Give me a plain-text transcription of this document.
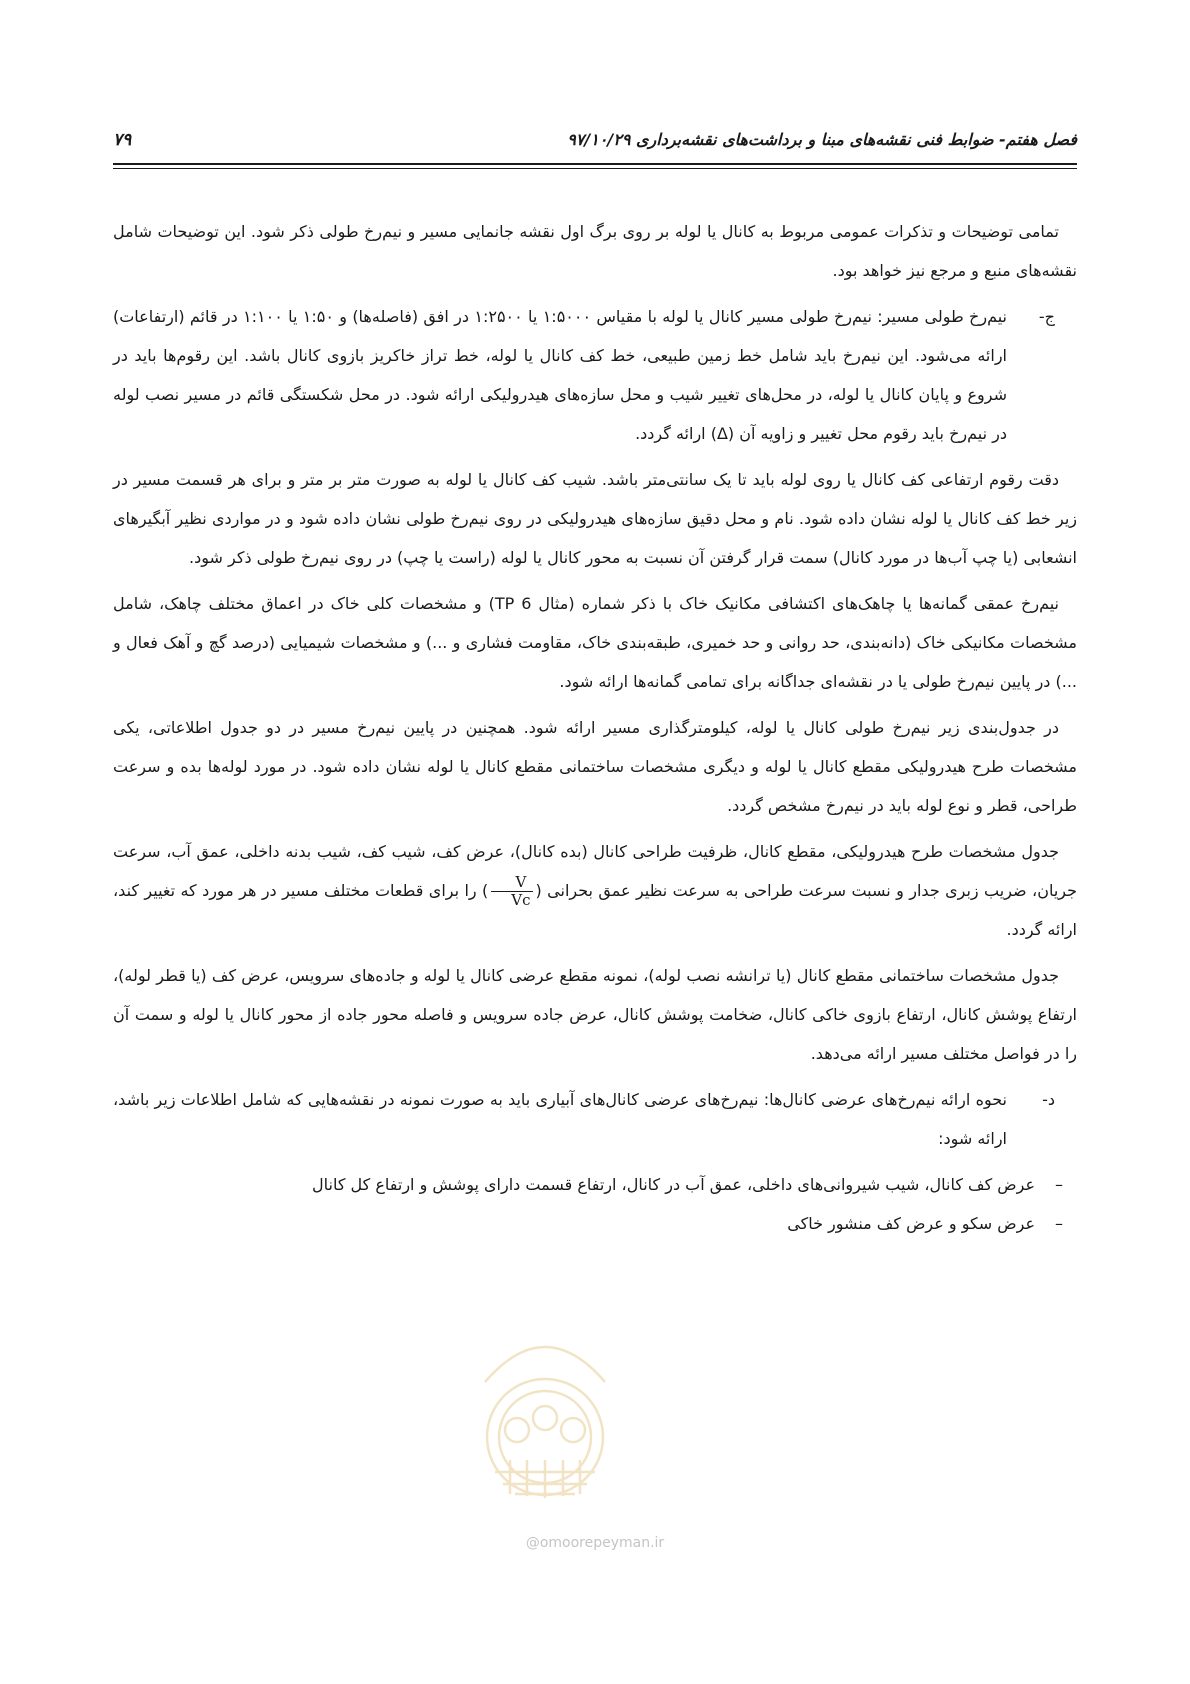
فصل هفتم- ضوابط فنی نقشه‌های مبنا و برداشت‌های نقشه‌برداری ۹۷/۱۰/۲۹
۷۹

تمامی توضیحات و تذکرات عمومی مربوط به کانال یا لوله بر روی برگ اول نقشه جانمایی مسیر و نیم‌رخ طولی ذکر شود. این توضیحات شامل نقشه‌های منبع و مرجع نیز خواهد بود.

ج-
نیم‌رخ طولی مسیر: نیم‌رخ طولی مسیر کانال یا لوله با مقیاس ۱:۵۰۰۰ یا ۱:۲۵۰۰ در افق (فاصله‌ها) و ۱:۵۰ یا ۱:۱۰۰ در قائم (ارتفاعات) ارائه می‌شود. این نیم‌رخ باید شامل خط زمین طبیعی، خط کف کانال یا لوله، خط تراز خاکریز بازوی کانال باشد. این رقوم‌ها باید در شروع و پایان کانال یا لوله، در محل‌های تغییر شیب و محل سازه‌های هیدرولیکی ارائه شود. در محل شکستگی قائم در مسیر نصب لوله در نیم‌رخ باید رقوم محل تغییر و زاویه آن (Δ) ارائه گردد.

دقت رقوم ارتفاعی کف کانال یا روی لوله باید تا یک سانتی‌متر باشد. شیب کف کانال یا لوله به صورت متر بر متر و برای هر قسمت مسیر در زیر خط کف کانال یا لوله نشان داده شود. نام و محل دقیق سازه‌های هیدرولیکی در روی نیم‌رخ طولی نشان داده شود و در مواردی نظیر آبگیرهای انشعابی (یا چپ آب‌ها در مورد کانال) سمت قرار گرفتن آن نسبت به محور کانال یا لوله (راست یا چپ) در روی نیم‌رخ طولی ذکر شود.

نیم‌رخ عمقی گمانه‌ها یا چاهک‌های اکتشافی مکانیک خاک با ذکر شماره (مثال TP 6) و مشخصات کلی خاک در اعماق مختلف چاهک، شامل مشخصات مکانیکی خاک (دانه‌بندی، حد روانی و حد خمیری، طبقه‌بندی خاک، مقاومت فشاری و ...) و مشخصات شیمیایی (درصد گچ و آهک فعال و ...) در پایین نیم‌رخ طولی یا در نقشه‌ای جداگانه برای تمامی گمانه‌ها ارائه شود.

در جدول‌بندی زیر نیم‌رخ طولی کانال یا لوله، کیلومترگذاری مسیر ارائه شود. همچنین در پایین نیم‌رخ مسیر در دو جدول اطلاعاتی، یکی مشخصات طرح هیدرولیکی مقطع کانال یا لوله و دیگری مشخصات ساختمانی مقطع کانال یا لوله نشان داده شود. در مورد لوله‌ها بده و سرعت طراحی، قطر و نوع لوله باید در نیم‌رخ مشخص گردد.

جدول مشخصات طرح هیدرولیکی، مقطع کانال، ظرفیت طراحی کانال (بده کانال)، عرض کف، شیب کف، شیب بدنه داخلی، عمق آب، سرعت جریان، ضریب زبری جدار و نسبت سرعت طراحی به سرعت نظیر عمق بحرانی (
$\frac{V}{Vc}$
) را برای قطعات مختلف مسیر در هر مورد که تغییر کند، ارائه گردد.

جدول مشخصات ساختمانی مقطع کانال (یا ترانشه نصب لوله)، نمونه مقطع عرضی کانال یا لوله و جاده‌های سرویس، عرض کف (یا قطر لوله)، ارتفاع پوشش کانال، ارتفاع بازوی خاکی کانال، ضخامت پوشش کانال، عرض جاده سرویس و فاصله محور جاده از محور کانال یا لوله و سمت آن را در فواصل مختلف مسیر ارائه می‌دهد.

د-
نحوه ارائه نیم‌رخ‌های عرضی کانال‌ها: نیم‌رخ‌های عرضی کانال‌های آبیاری باید به صورت نمونه در نقشه‌هایی که شامل اطلاعات زیر باشد، ارائه شود:
–
عرض کف کانال، شیب شیروانی‌های داخلی، عمق آب در کانال، ارتفاع قسمت دارای پوشش و ارتفاع کل کانال
–
عرض سکو و عرض کف منشور خاکی
@omoorepeyman.ir
